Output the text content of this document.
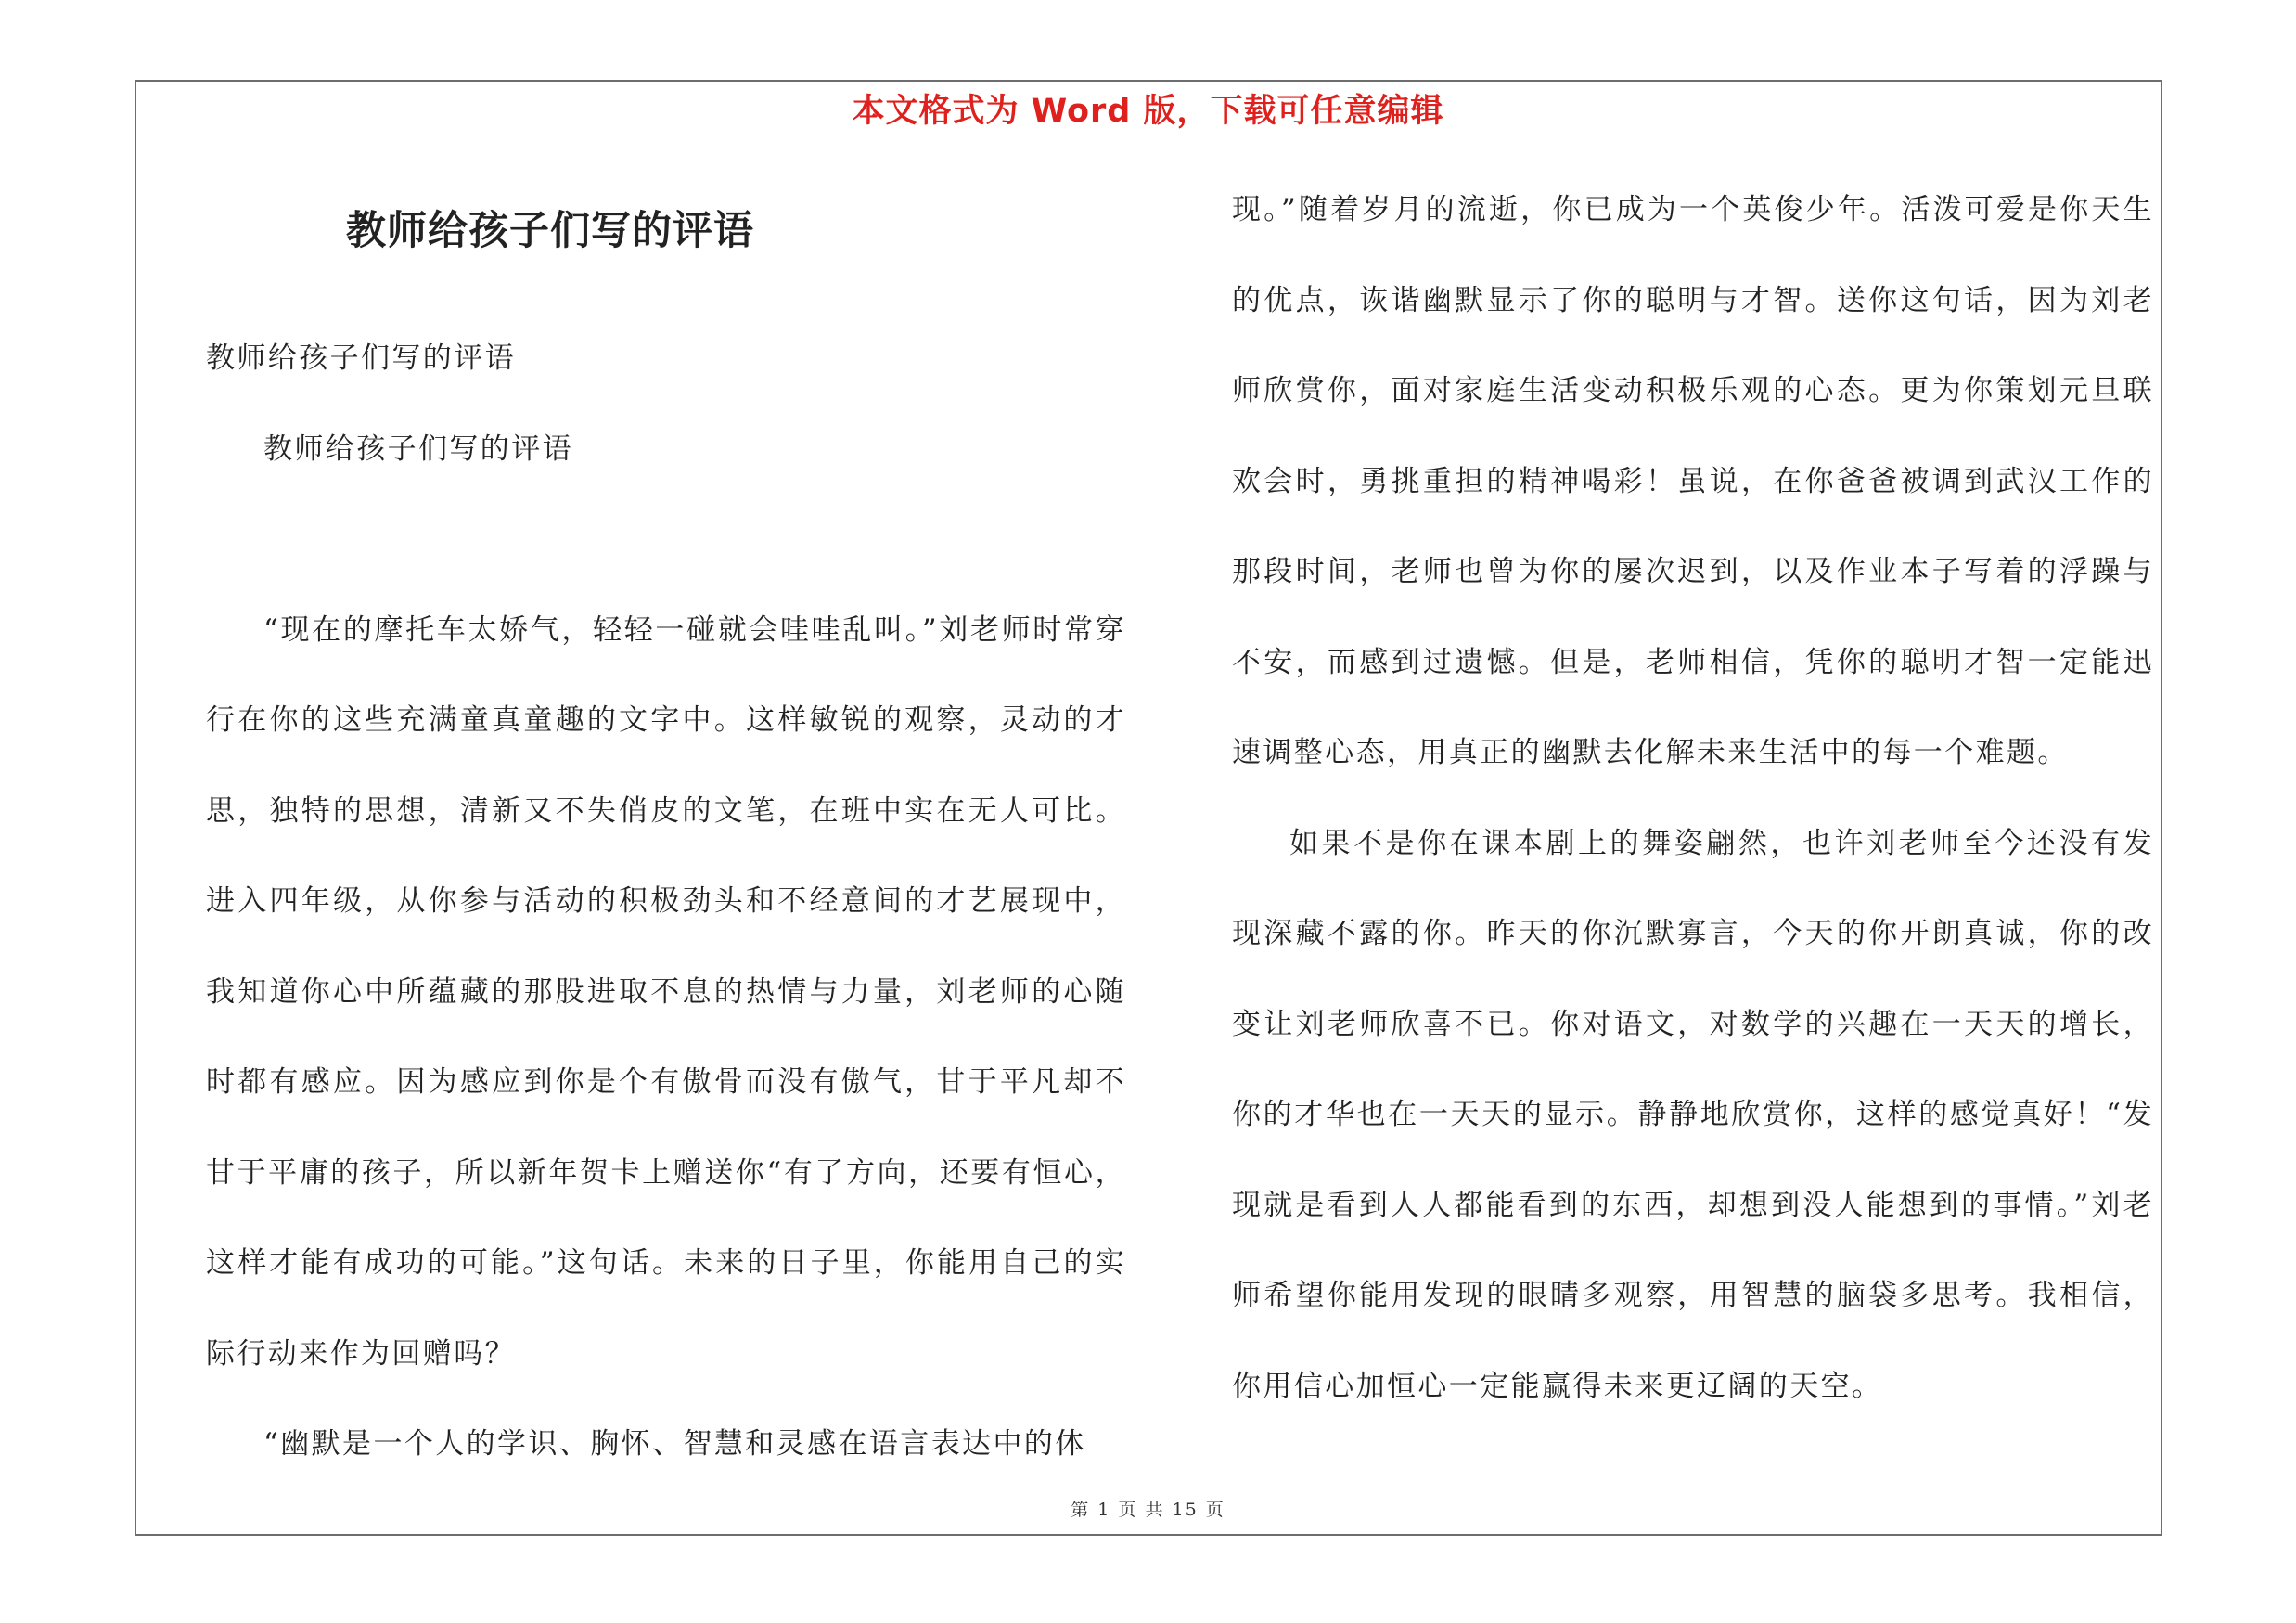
本文格式为 Word 版，下载可任意编辑
教师给孩子们写的评语

教师给孩子们写的评语

教师给孩子们写的评语

“现在的摩托车太娇气，轻轻一碰就会哇哇乱叫。”刘老师时常穿行在你的这些充满童真童趣的文字中。这样敏锐的观察，灵动的才思，独特的思想，清新又不失俏皮的文笔，在班中实在无人可比。进入四年级，从你参与活动的积极劲头和不经意间的才艺展现中，我知道你心中所蕴藏的那股进取不息的热情与力量，刘老师的心随时都有感应。因为感应到你是个有傲骨而没有傲气，甘于平凡却不甘于平庸的孩子，所以新年贺卡上赠送你“有了方向，还要有恒心，这样才能有成功的可能。”这句话。未来的日子里，你能用自己的实际行动来作为回赠吗？

“幽默是一个人的学识、胸怀、智慧和灵感在语言表达中的体

现。”随着岁月的流逝，你已成为一个英俊少年。活泼可爱是你天生的优点，诙谐幽默显示了你的聪明与才智。送你这句话，因为刘老师欣赏你，面对家庭生活变动积极乐观的心态。更为你策划元旦联欢会时，勇挑重担的精神喝彩！虽说，在你爸爸被调到武汉工作的那段时间，老师也曾为你的屡次迟到，以及作业本子写着的浮躁与不安，而感到过遗憾。但是，老师相信，凭你的聪明才智一定能迅速调整心态，用真正的幽默去化解未来生活中的每一个难题。

如果不是你在课本剧上的舞姿翩然，也许刘老师至今还没有发现深藏不露的你。昨天的你沉默寡言，今天的你开朗真诚，你的改变让刘老师欣喜不已。你对语文，对数学的兴趣在一天天的增长，你的才华也在一天天的显示。静静地欣赏你，这样的感觉真好！“发现就是看到人人都能看到的东西，却想到没人能想到的事情。”刘老师希望你能用发现的眼睛多观察，用智慧的脑袋多思考。我相信，你用信心加恒心一定能赢得未来更辽阔的天空。

第 1 页 共 15 页
